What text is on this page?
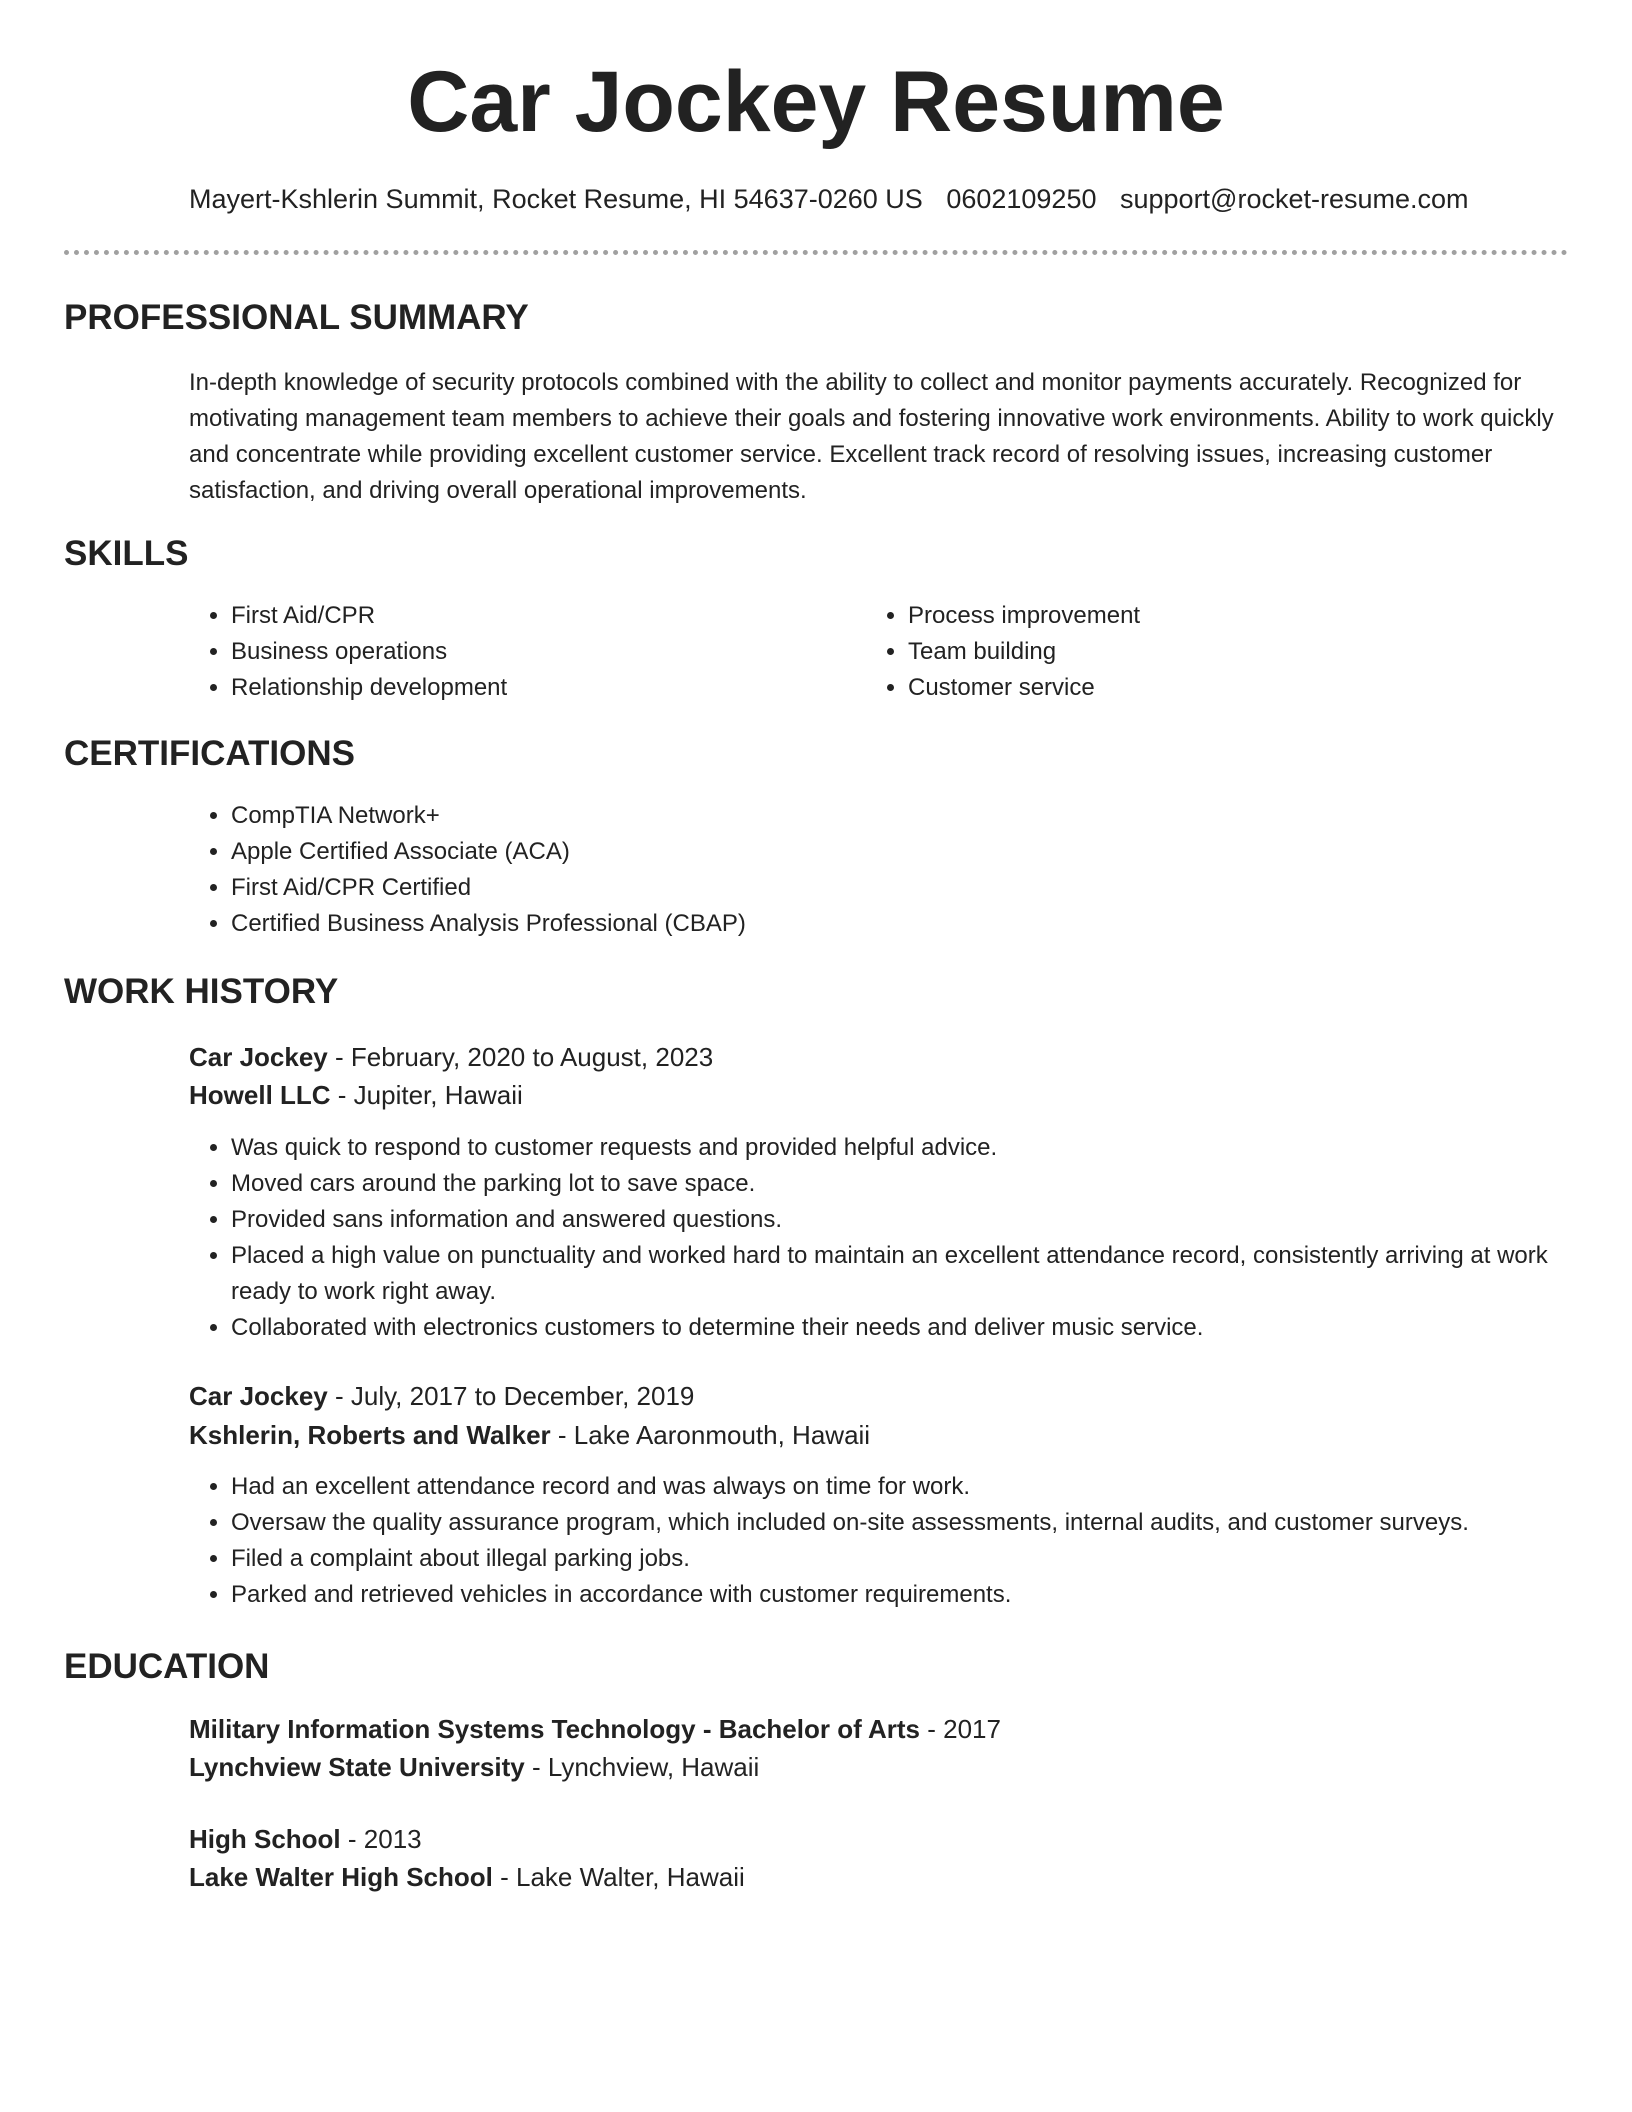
Car Jockey Resume
Mayert-Kshlerin Summit, Rocket Resume, HI 54637-0260 US 0602109250 support@rocket-resume.com
PROFESSIONAL SUMMARY
In-depth knowledge of security protocols combined with the ability to collect and monitor payments accurately. Recognized for motivating management team members to achieve their goals and fostering innovative work environments. Ability to work quickly and concentrate while providing excellent customer service. Excellent track record of resolving issues, increasing customer satisfaction, and driving overall operational improvements.
SKILLS
• First Aid/CPR
• Business operations
• Relationship development
• Process improvement
• Team building
• Customer service
CERTIFICATIONS
• CompTIA Network+
• Apple Certified Associate (ACA)
• First Aid/CPR Certified
• Certified Business Analysis Professional (CBAP)
WORK HISTORY
Car Jockey - February, 2020 to August, 2023
Howell LLC - Jupiter, Hawaii
• Was quick to respond to customer requests and provided helpful advice.
• Moved cars around the parking lot to save space.
• Provided sans information and answered questions.
• Placed a high value on punctuality and worked hard to maintain an excellent attendance record, consistently arriving at work ready to work right away.
• Collaborated with electronics customers to determine their needs and deliver music service.
Car Jockey - July, 2017 to December, 2019
Kshlerin, Roberts and Walker - Lake Aaronmouth, Hawaii
• Had an excellent attendance record and was always on time for work.
• Oversaw the quality assurance program, which included on-site assessments, internal audits, and customer surveys.
• Filed a complaint about illegal parking jobs.
• Parked and retrieved vehicles in accordance with customer requirements.
EDUCATION
Military Information Systems Technology - Bachelor of Arts - 2017
Lynchview State University - Lynchview, Hawaii
High School - 2013
Lake Walter High School - Lake Walter, Hawaii
